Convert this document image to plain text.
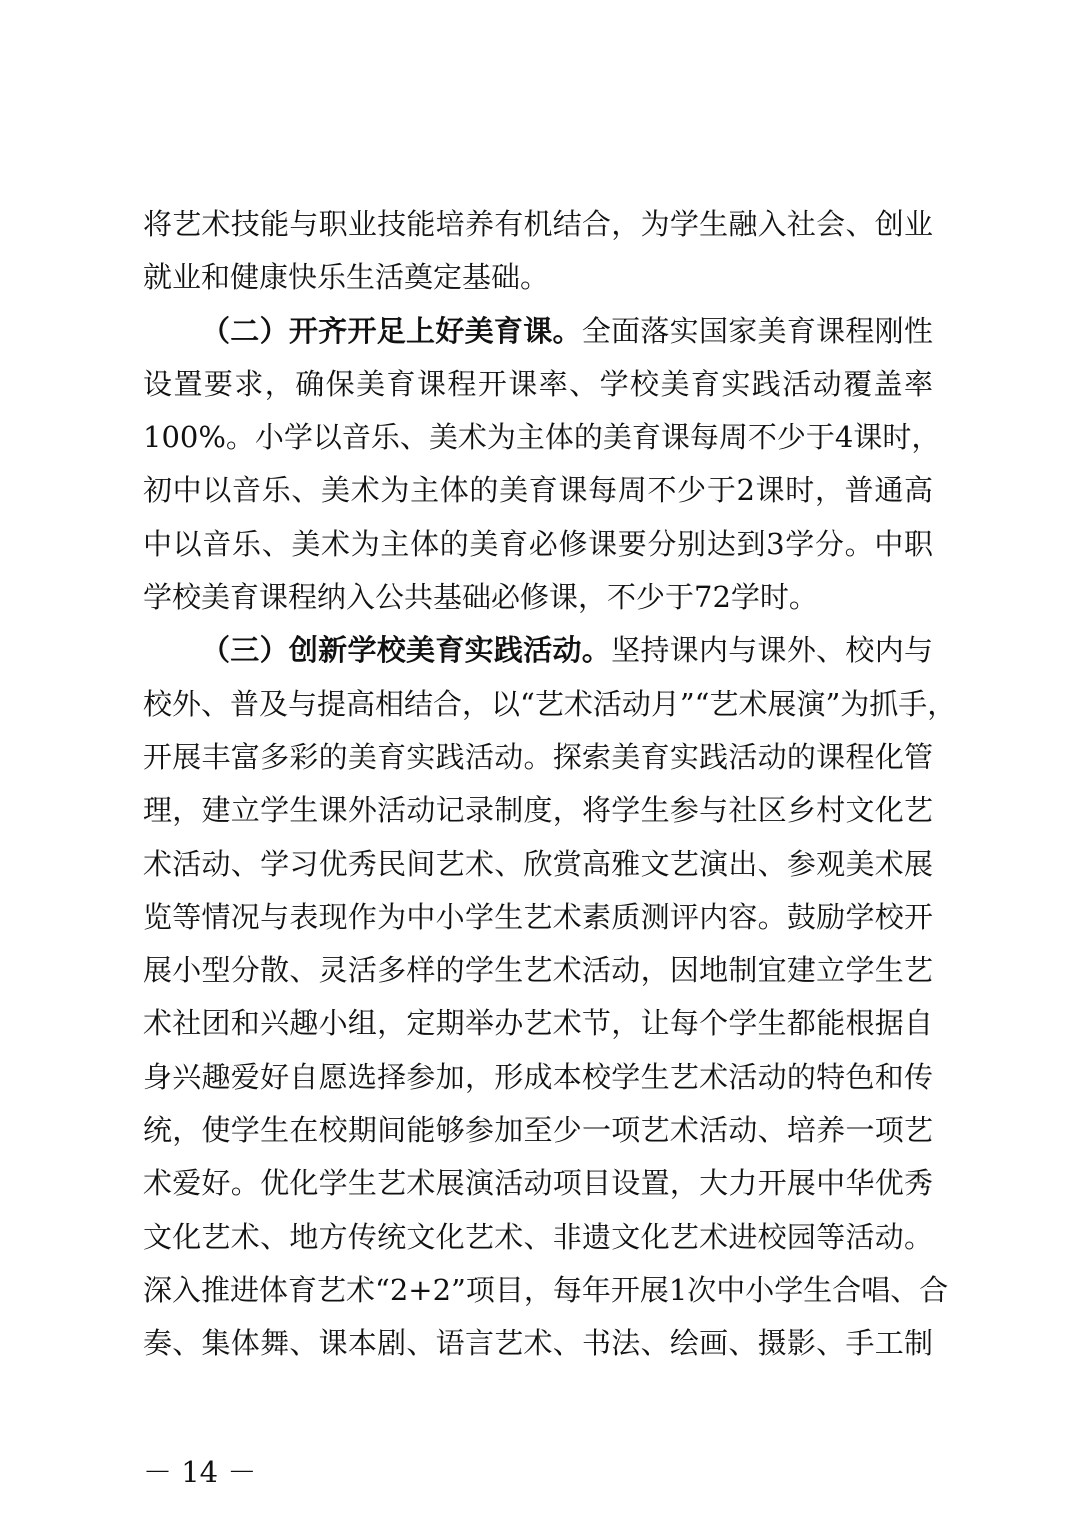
将艺术技能与职业技能培养有机结合，为学生融入社会、创业
就业和健康快乐生活奠定基础。
（二）开齐开足上好美育课。全面落实国家美育课程刚性
设置要求，确保美育课程开课率、学校美育实践活动覆盖率
100%。小学以音乐、美术为主体的美育课每周不少于4课时，
初中以音乐、美术为主体的美育课每周不少于2课时，普通高
中以音乐、美术为主体的美育必修课要分别达到3学分。中职
学校美育课程纳入公共基础必修课，不少于72学时。
（三）创新学校美育实践活动。坚持课内与课外、校内与
校外、普及与提高相结合，以“艺术活动月”“艺术展演”为抓手，
开展丰富多彩的美育实践活动。探索美育实践活动的课程化管
理，建立学生课外活动记录制度，将学生参与社区乡村文化艺
术活动、学习优秀民间艺术、欣赏高雅文艺演出、参观美术展
览等情况与表现作为中小学生艺术素质测评内容。鼓励学校开
展小型分散、灵活多样的学生艺术活动，因地制宜建立学生艺
术社团和兴趣小组，定期举办艺术节，让每个学生都能根据自
身兴趣爱好自愿选择参加，形成本校学生艺术活动的特色和传
统，使学生在校期间能够参加至少一项艺术活动、培养一项艺
术爱好。优化学生艺术展演活动项目设置，大力开展中华优秀
文化艺术、地方传统文化艺术、非遗文化艺术进校园等活动。
深入推进体育艺术“2+2”项目，每年开展1次中小学生合唱、合
奏、集体舞、课本剧、语言艺术、书法、绘画、摄影、手工制
－ 14 －
